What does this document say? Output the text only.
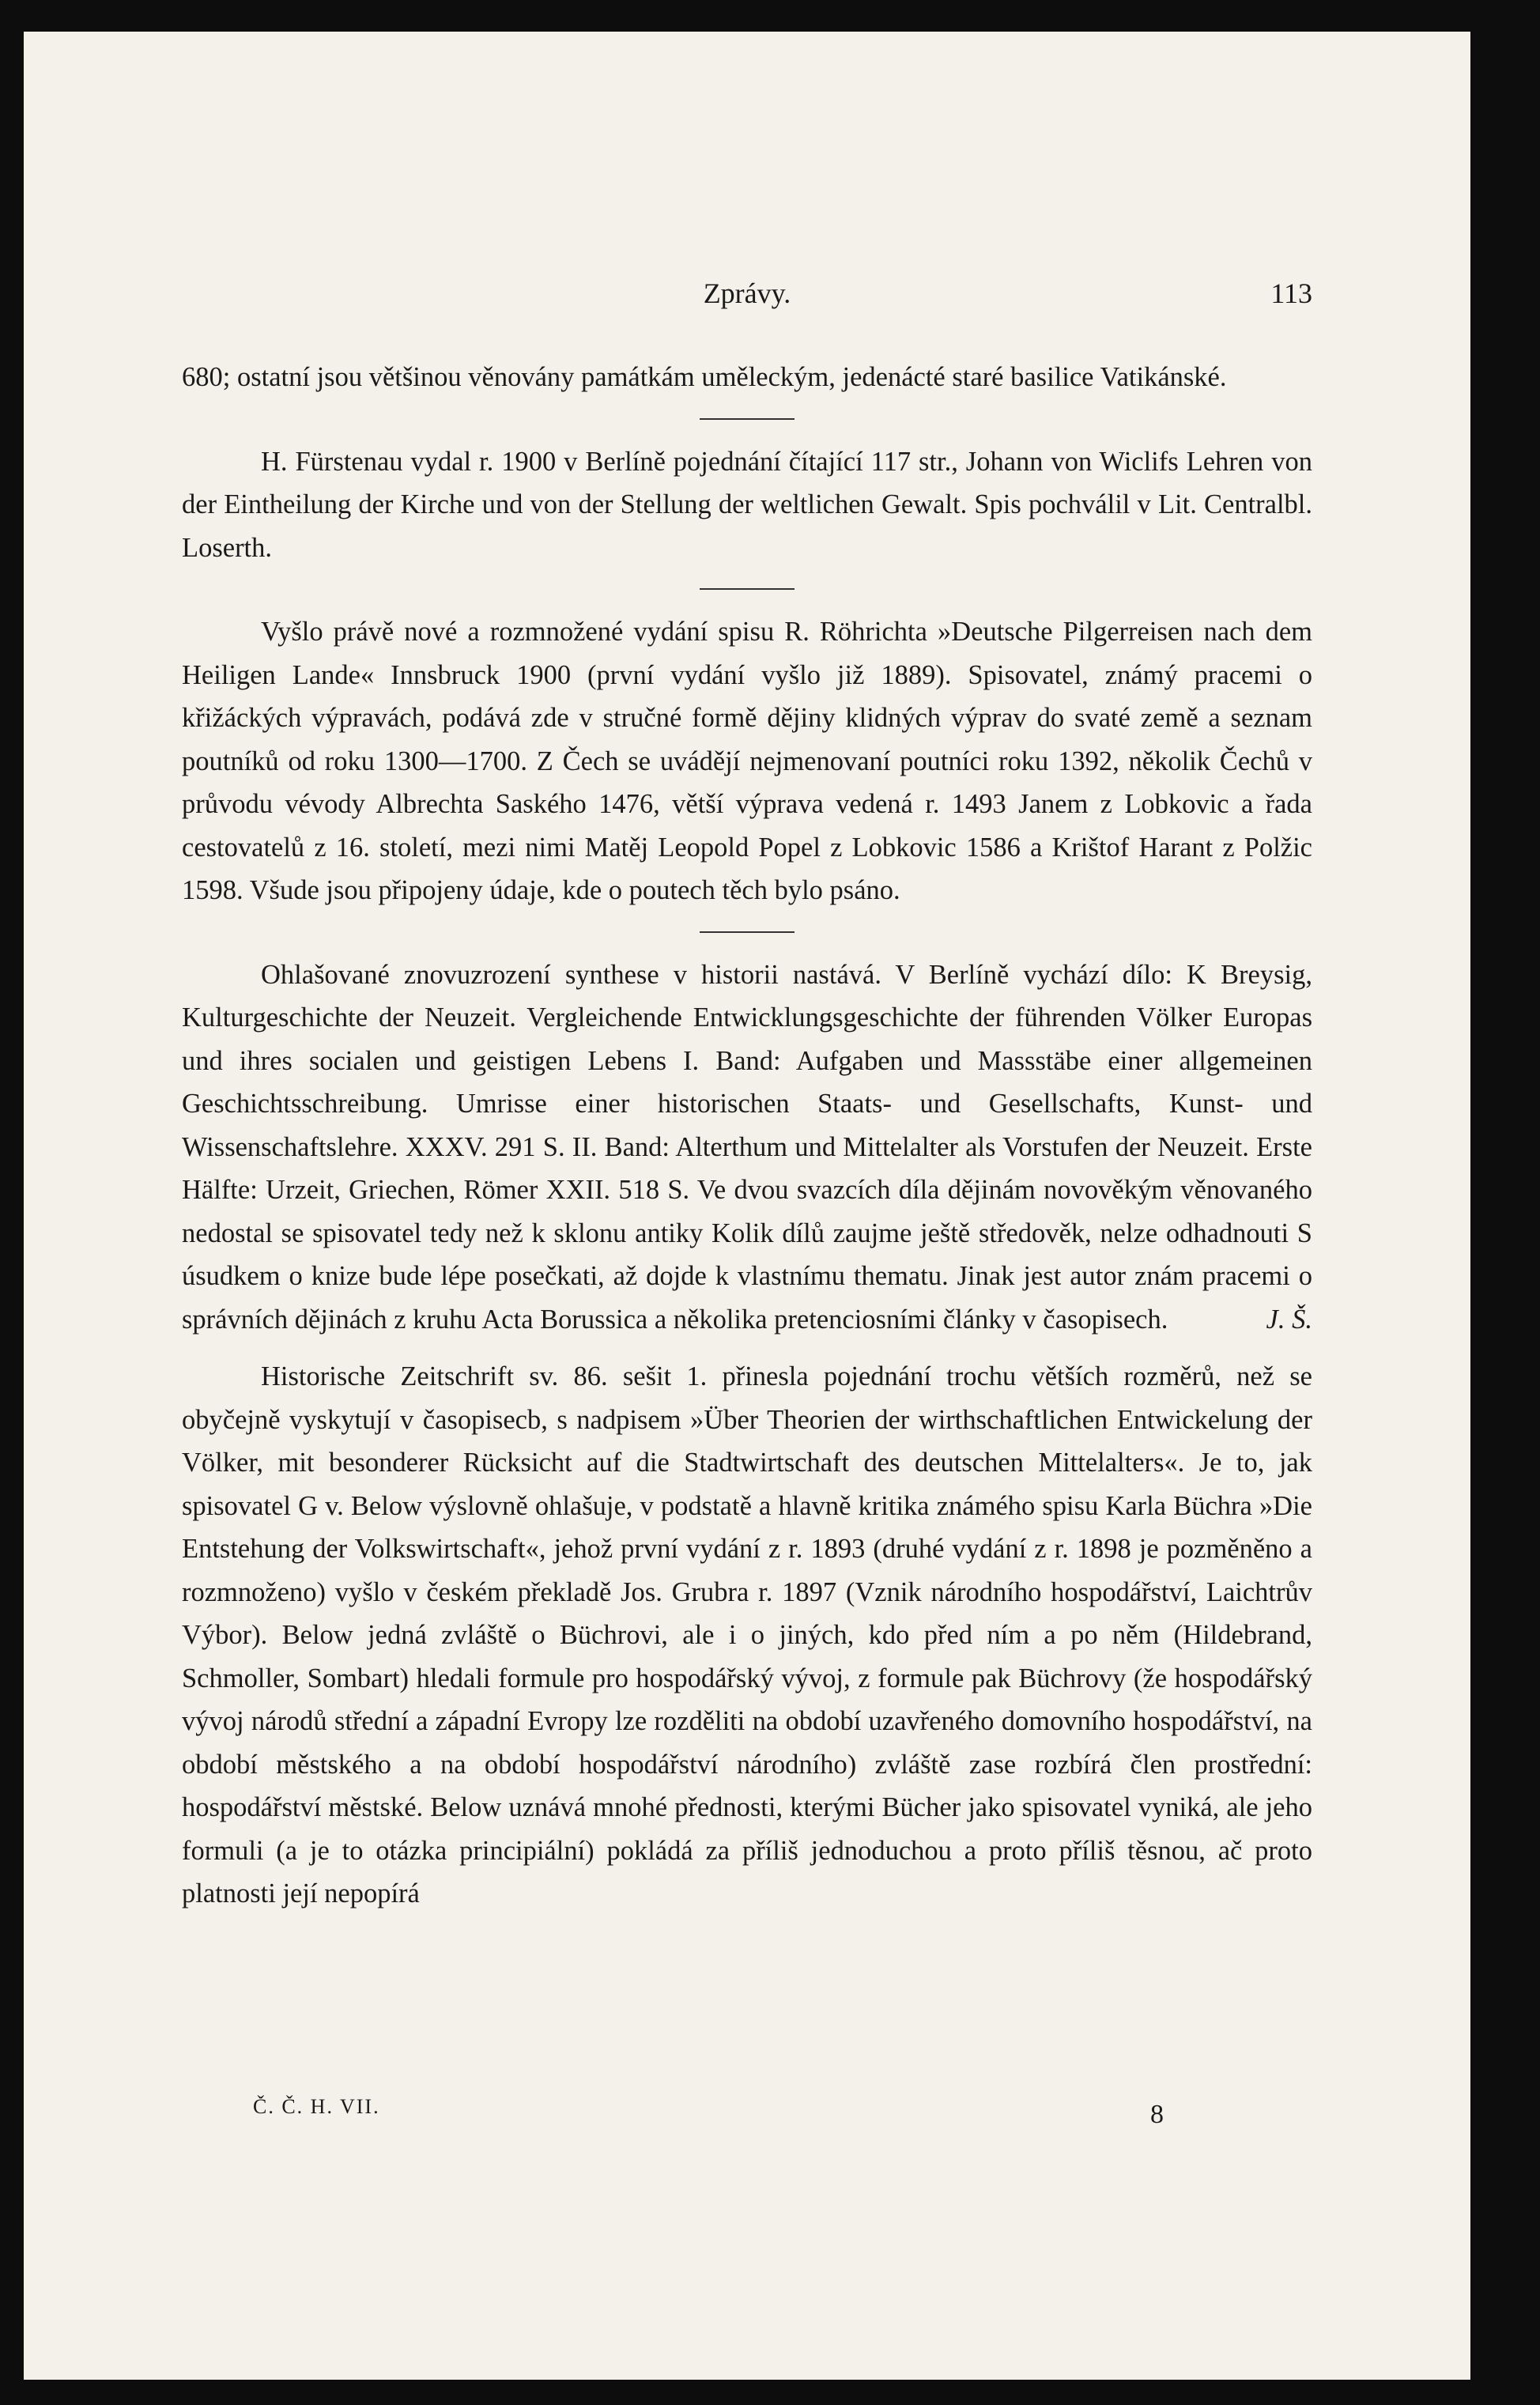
Zprávy.	113

680; ostatní jsou většinou věnovány památkám uměleckým, jedenácté staré basilice Vatikánské.

H. Fürstenau vydal r. 1900 v Berlíně pojednání čítající 117 str., Johann von Wiclifs Lehren von der Eintheilung der Kirche und von der Stellung der weltlichen Gewalt. Spis pochválil v Lit. Centralbl. Loserth.

Vyšlo právě nové a rozmnožené vydání spisu R. Röhrichta »Deutsche Pilgerreisen nach dem Heiligen Lande« Innsbruck 1900 (první vydání vyšlo již 1889). Spisovatel, známý pracemi o křižáckých výpravách, podává zde v stručné formě dějiny klidných výprav do svaté země a seznam poutníků od roku 1300—1700. Z Čech se uvádějí nejmenovaní poutníci roku 1392, několik Čechů v průvodu vévody Albrechta Saského 1476, větší výprava vedená r. 1493 Janem z Lobkovic a řada cestovatelů z 16. století, mezi nimi Matěj Leopold Popel z Lobkovic 1586 a Krištof Harant z Polžic 1598. Všude jsou připojeny údaje, kde o poutech těch bylo psáno.

Ohlašované znovuzrození synthese v historii nastává. V Berlíně vychází dílo: K Breysig, Kulturgeschichte der Neuzeit. Vergleichende Entwicklungsgeschichte der führenden Völker Europas und ihres socialen und geistigen Lebens I. Band: Aufgaben und Massstäbe einer allgemeinen Geschichtsschreibung. Umrisse einer historischen Staats- und Gesellschafts, Kunst- und Wissenschaftslehre. XXXV. 291 S. II. Band: Alterthum und Mittelalter als Vorstufen der Neuzeit. Erste Hälfte: Urzeit, Griechen, Römer XXII. 518 S. Ve dvou svazcích díla dějinám novověkým věnovaného nedostal se spisovatel tedy než k sklonu antiky Kolik dílů zaujme ještě středověk, nelze odhadnouti S úsudkem o knize bude lépe posečkati, až dojde k vlastnímu thematu. Jinak jest autor znám pracemi o správních dějinách z kruhu Acta Borussica a několika pretenciosními články v časopisech.	J. Š.

Historische Zeitschrift sv. 86. sešit 1. přinesla pojednání trochu větších rozměrů, než se obyčejně vyskytují v časopisecb, s nadpisem »Über Theorien der wirthschaftlichen Entwickelung der Völker, mit besonderer Rücksicht auf die Stadtwirtschaft des deutschen Mittelalters«. Je to, jak spisovatel G v. Below výslovně ohlašuje, v podstatě a hlavně kritika známého spisu Karla Büchra »Die Entstehung der Volkswirtschaft«, jehož první vydání z r. 1893 (druhé vydání z r. 1898 je pozměněno a rozmnoženo) vyšlo v českém překladě Jos. Grubra r. 1897 (Vznik národního hospodářství, Laichtrův Výbor). Below jedná zvláště o Büchrovi, ale i o jiných, kdo před ním a po něm (Hildebrand, Schmoller, Sombart) hledali formule pro hospodářský vývoj, z formule pak Büchrovy (že hospodářský vývoj národů střední a západní Evropy lze rozděliti na období uzavřeného domovního hospodářství, na období městského a na období hospodářství národního) zvláště zase rozbírá člen prostřední: hospodářství městské. Below uznává mnohé přednosti, kterými Bücher jako spisovatel vyniká, ale jeho formuli (a je to otázka principiální) pokládá za příliš jednoduchou a proto příliš těsnou, ač proto platnosti její nepopírá

Č. Č. H. VII.	8
